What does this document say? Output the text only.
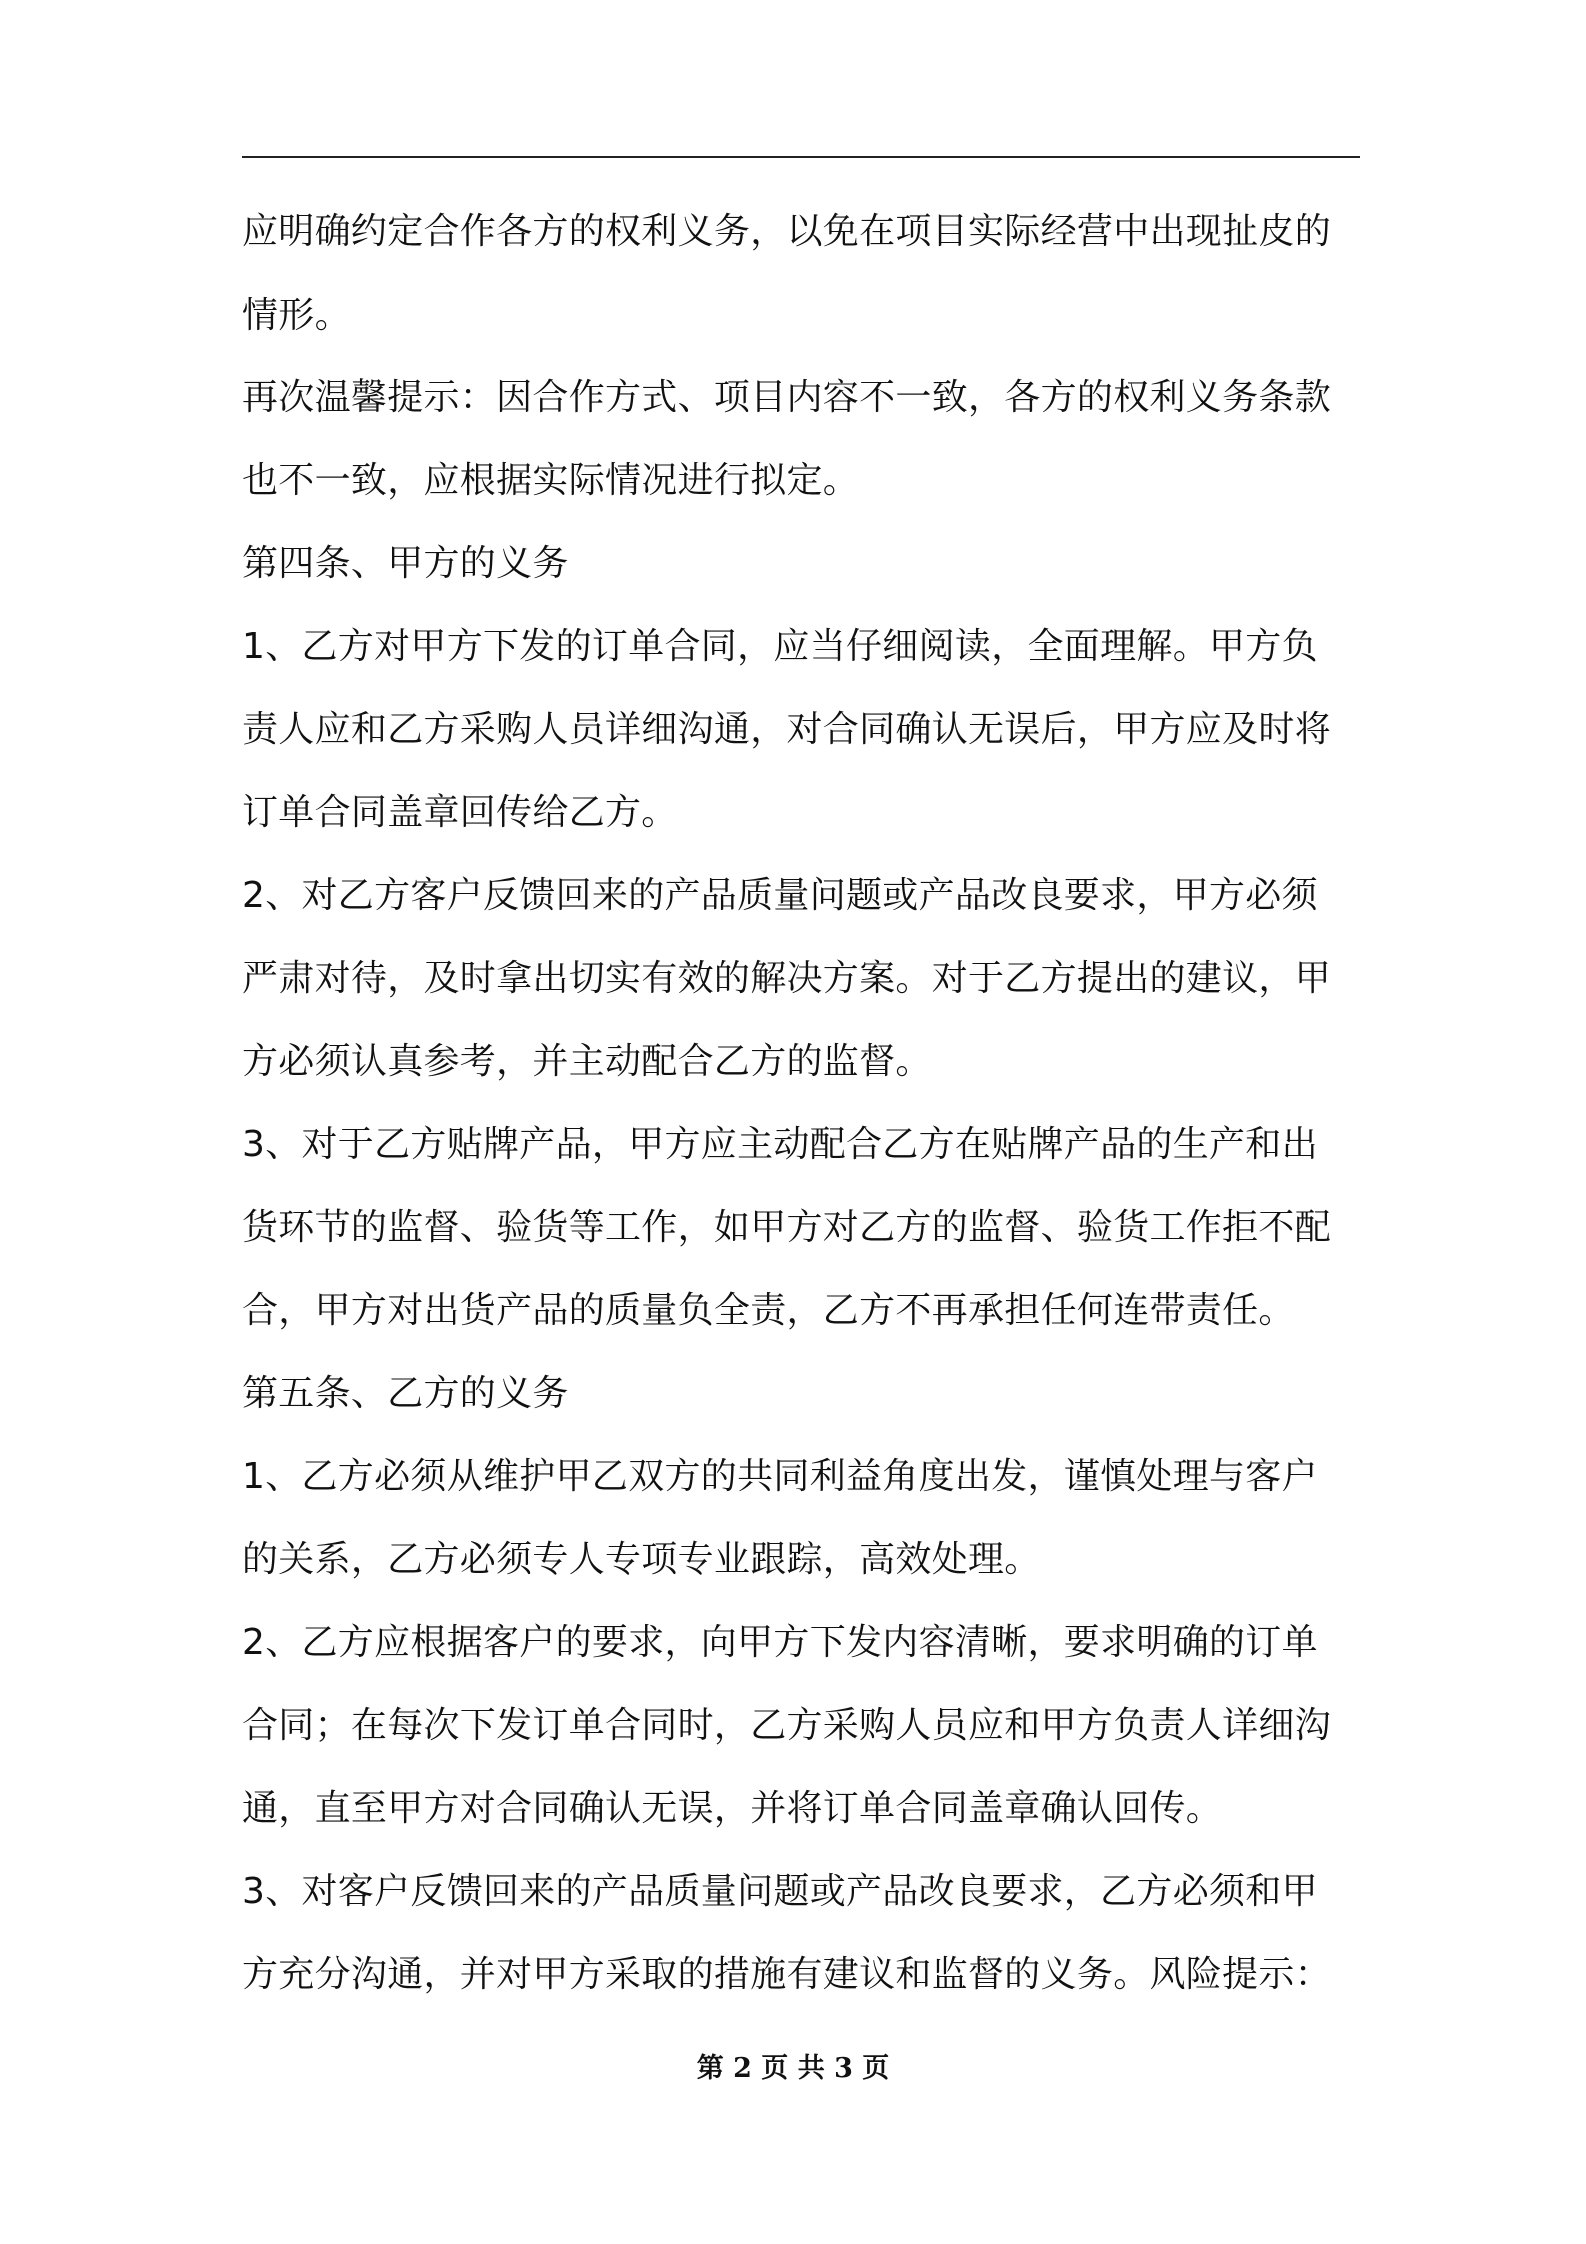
应明确约定合作各方的权利义务，以免在项目实际经营中出现扯皮的
情形。
再次温馨提示：因合作方式、项目内容不一致，各方的权利义务条款
也不一致，应根据实际情况进行拟定。
第四条、甲方的义务
1、乙方对甲方下发的订单合同，应当仔细阅读，全面理解。甲方负
责人应和乙方采购人员详细沟通，对合同确认无误后，甲方应及时将
订单合同盖章回传给乙方。
2、对乙方客户反馈回来的产品质量问题或产品改良要求，甲方必须
严肃对待，及时拿出切实有效的解决方案。对于乙方提出的建议，甲
方必须认真参考，并主动配合乙方的监督。
3、对于乙方贴牌产品，甲方应主动配合乙方在贴牌产品的生产和出
货环节的监督、验货等工作，如甲方对乙方的监督、验货工作拒不配
合，甲方对出货产品的质量负全责，乙方不再承担任何连带责任。
第五条、乙方的义务
1、乙方必须从维护甲乙双方的共同利益角度出发，谨慎处理与客户
的关系，乙方必须专人专项专业跟踪，高效处理。
2、乙方应根据客户的要求，向甲方下发内容清晰，要求明确的订单
合同；在每次下发订单合同时，乙方采购人员应和甲方负责人详细沟
通，直至甲方对合同确认无误，并将订单合同盖章确认回传。
3、对客户反馈回来的产品质量问题或产品改良要求，乙方必须和甲
方充分沟通，并对甲方采取的措施有建议和监督的义务。风险提示：
第 2 页 共 3 页
